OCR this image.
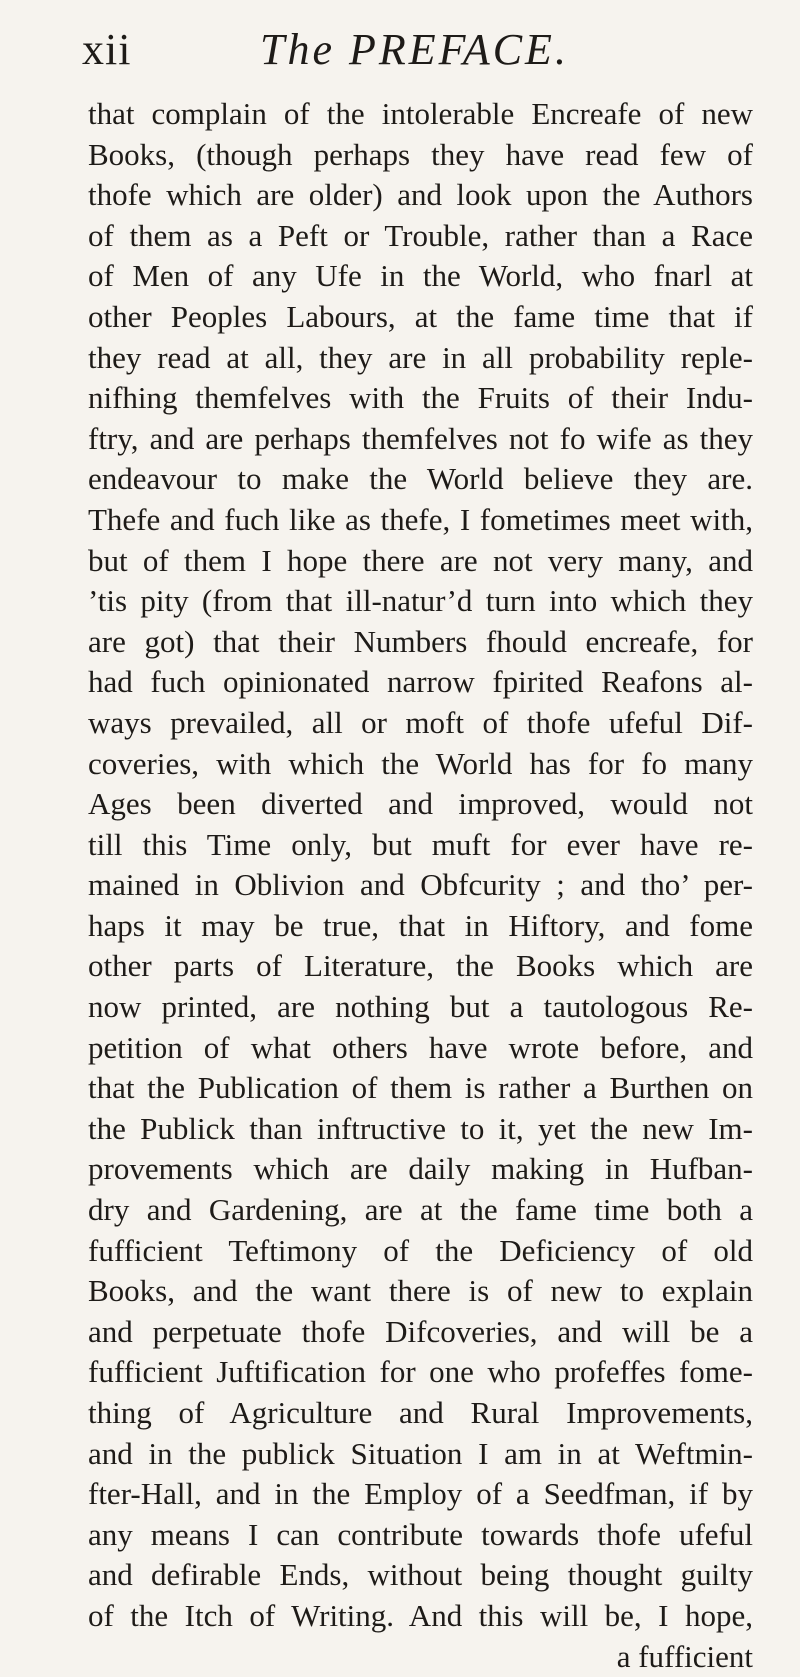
xii	The PREFACE.
that complain of the intolerable Encreafe of new
Books, (though perhaps they have read few of
thofe which are older) and look upon the Authors
of them as a Peft or Trouble, rather than a Race
of Men of any Ufe in the World, who fnarl at
other Peoples Labours, at the fame time that if
they read at all, they are in all probability reple-
nifhing themfelves with the Fruits of their Indu-
ftry, and are perhaps themfelves not fo wife as they
endeavour to make the World believe they are.
Thefe and fuch like as thefe, I fometimes meet with,
but of them I hope there are not very many, and
’tis pity (from that ill-natur’d turn into which they
are got) that their Numbers fhould encreafe, for
had fuch opinionated narrow fpirited Reafons al-
ways prevailed, all or moft of thofe ufeful Dif-
coveries, with which the World has for fo many
Ages been diverted and improved, would not
till this Time only, but muft for ever have re-
mained in Oblivion and Obfcurity ; and tho’ per-
haps it may be true, that in Hiftory, and fome
other parts of Literature, the Books which are
now printed, are nothing but a tautologous Re-
petition of what others have wrote before, and
that the Publication of them is rather a Burthen on
the Publick than inftructive to it, yet the new Im-
provements which are daily making in Hufban-
dry and Gardening, are at the fame time both a
fufficient Teftimony of the Deficiency of old
Books, and the want there is of new to explain
and perpetuate thofe Difcoveries, and will be a
fufficient Juftification for one who profeffes fome-
thing of Agriculture and Rural Improvements,
and in the publick Situation I am in at Weftmin-
fter-Hall, and in the Employ of a Seedfman, if by
any means I can contribute towards thofe ufeful
and defirable Ends, without being thought guilty
of the Itch of Writing. And this will be, I hope,
a fufficient
